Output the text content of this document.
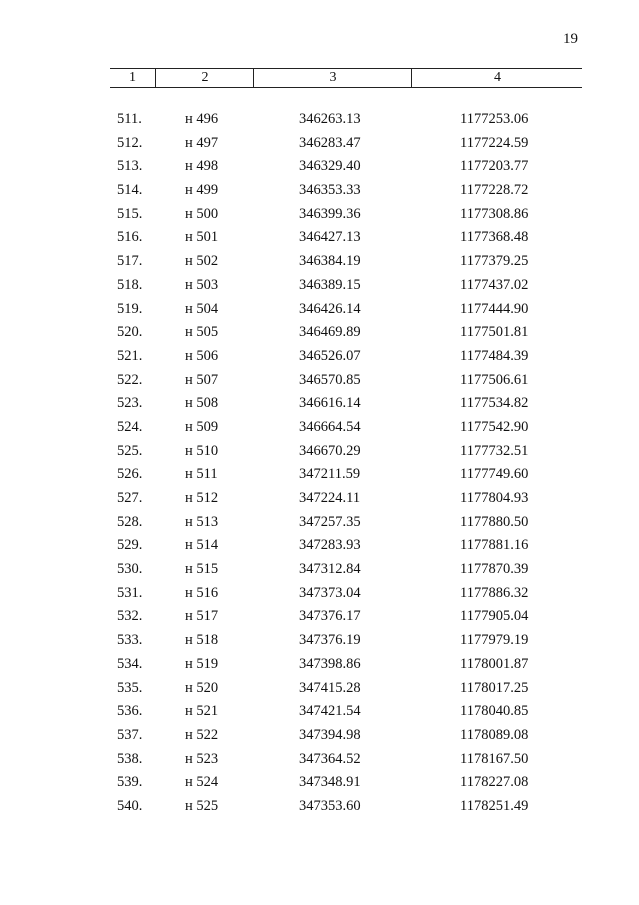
19
1	2	3	4
511.	н 496	346263.13	1177253.06
512.	н 497	346283.47	1177224.59
513.	н 498	346329.40	1177203.77
514.	н 499	346353.33	1177228.72
515.	н 500	346399.36	1177308.86
516.	н 501	346427.13	1177368.48
517.	н 502	346384.19	1177379.25
518.	н 503	346389.15	1177437.02
519.	н 504	346426.14	1177444.90
520.	н 505	346469.89	1177501.81
521.	н 506	346526.07	1177484.39
522.	н 507	346570.85	1177506.61
523.	н 508	346616.14	1177534.82
524.	н 509	346664.54	1177542.90
525.	н 510	346670.29	1177732.51
526.	н 511	347211.59	1177749.60
527.	н 512	347224.11	1177804.93
528.	н 513	347257.35	1177880.50
529.	н 514	347283.93	1177881.16
530.	н 515	347312.84	1177870.39
531.	н 516	347373.04	1177886.32
532.	н 517	347376.17	1177905.04
533.	н 518	347376.19	1177979.19
534.	н 519	347398.86	1178001.87
535.	н 520	347415.28	1178017.25
536.	н 521	347421.54	1178040.85
537.	н 522	347394.98	1178089.08
538.	н 523	347364.52	1178167.50
539.	н 524	347348.91	1178227.08
540.	н 525	347353.60	1178251.49
